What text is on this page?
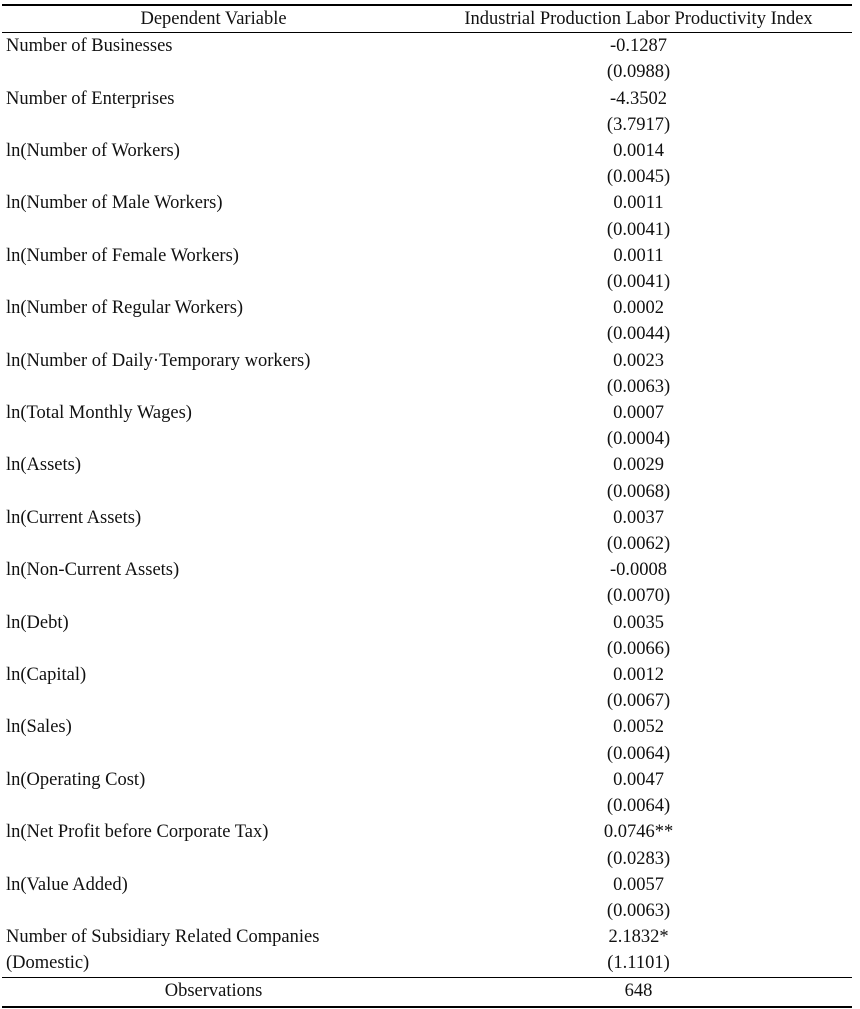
Dependent Variable	Industrial Production Labor Productivity Index
Number of Businesses	-0.1287
	(0.0988)
Number of Enterprises	-4.3502
	(3.7917)
ln(Number of Workers)	0.0014
	(0.0045)
ln(Number of Male Workers)	0.0011
	(0.0041)
ln(Number of Female Workers)	0.0011
	(0.0041)
ln(Number of Regular Workers)	0.0002
	(0.0044)
ln(Number of Daily·Temporary workers)	0.0023
	(0.0063)
ln(Total Monthly Wages)	0.0007
	(0.0004)
ln(Assets)	0.0029
	(0.0068)
ln(Current Assets)	0.0037
	(0.0062)
ln(Non-Current Assets)	-0.0008
	(0.0070)
ln(Debt)	0.0035
	(0.0066)
ln(Capital)	0.0012
	(0.0067)
ln(Sales)	0.0052
	(0.0064)
ln(Operating Cost)	0.0047
	(0.0064)
ln(Net Profit before Corporate Tax)	0.0746**
	(0.0283)
ln(Value Added)	0.0057
	(0.0063)
Number of Subsidiary Related Companies	2.1832*
(Domestic)	(1.1101)
Observations	648
